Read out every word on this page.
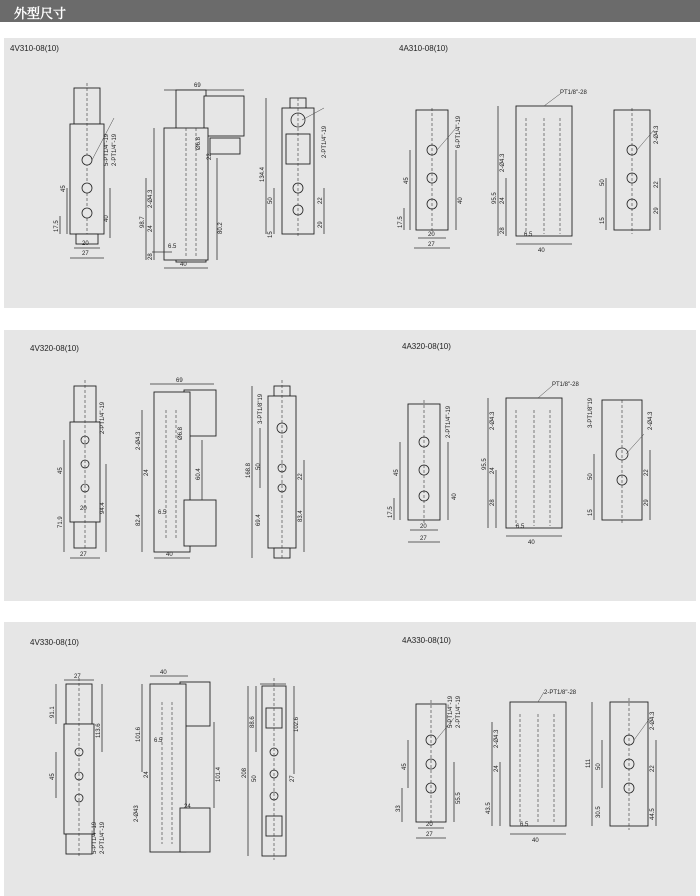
外型尺寸
4V310-08(10)	4A310-08(10)
5-PT1/4"-19 2-PT1/4"-19
45
17.5
40
20
27
69
Ø6.8
22
2-Ø4.3
98.7
24
28
80.2
6.5
40
2-PT1/4"-19
134.4
50	22
29
15
6-PT1/4"-19
45
17.5
40
20
27
PT1/8"-28
2-Ø4.3
95.5 24
28
6.5
40
2-Ø4.3
50	22
29
15
4V320-08(10)	4A320-08(10)
2-PT1/4"-19
45
20
71.9
94.4
27
69
2-Ø4.3	Ø6.8
24
82.4
60.4
6.5
40
3-PT1/8"19
168.8 50
22
69.4	83.4
2-PT1/4"-19
45
17.5
40
20
27
PT1/8"-28
2-Ø4.3
95.5
24
28
6.5
40
3-PT1/8"19	2-Ø4.3
50
22
29
15
4V330-08(10)	4A330-08(10)
27
91.1
113.6
45
5-PT1/4"-19 2-PT1/4"-19
40
101.6 6.5
24	101.4
2-Ø43	24
88.6	102.6
208
50	27
5-PT1/4"-19 2-PT1/4"-19
45
33
55.5
20
27
2-PT1/8"-28
2-Ø4.3
24
43.5
6.5
40
2-Ø4.3
111 50	22
30.5	44.5
